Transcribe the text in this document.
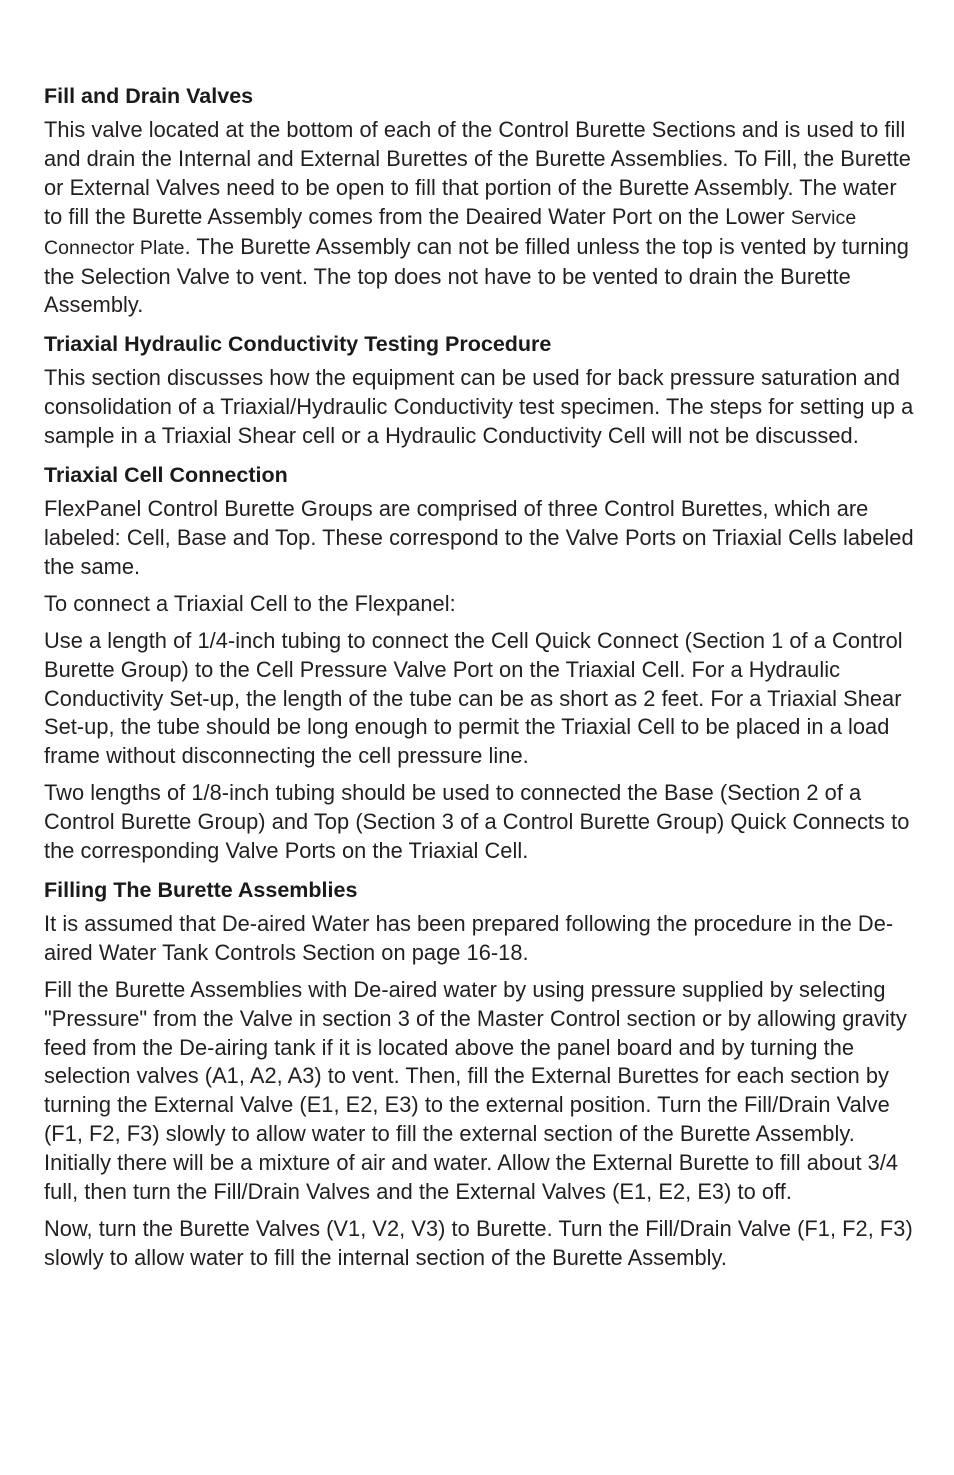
Fill and Drain Valves

This valve located at the bottom of each of the Control Burette Sections and is used to fill and drain the Internal and External Burettes of the Burette Assemblies. To Fill, the Burette or External Valves need to be open to fill that portion of the Burette Assembly. The water to fill the Burette Assembly comes from the Deaired Water Port on the Lower Service Connector Plate. The Burette Assembly can not be filled unless the top is vented by turning the Selection Valve to vent. The top does not have to be vented to drain the Burette Assembly.

Triaxial Hydraulic Conductivity Testing Procedure

This section discusses how the equipment can be used for back pressure saturation and consolidation of a Triaxial/Hydraulic Conductivity test specimen. The steps for setting up a sample in a Triaxial Shear cell or a Hydraulic Conductivity Cell will not be discussed.

Triaxial Cell Connection

FlexPanel Control Burette Groups are comprised of three Control Burettes, which are labeled: Cell, Base and Top. These correspond to the Valve Ports on Triaxial Cells labeled the same.

To connect a Triaxial Cell to the Flexpanel:

Use a length of 1/4-inch tubing to connect the Cell Quick Connect (Section 1 of a Control Burette Group) to the Cell Pressure Valve Port on the Triaxial Cell. For a Hydraulic Conductivity Set-up, the length of the tube can be as short as 2 feet. For a Triaxial Shear Set-up, the tube should be long enough to permit the Triaxial Cell to be placed in a load frame without disconnecting the cell pressure line.

Two lengths of 1/8-inch tubing should be used to connected the Base (Section 2 of a Control Burette Group) and Top (Section 3 of a Control Burette Group) Quick Connects to the corresponding Valve Ports on the Triaxial Cell.

Filling The Burette Assemblies

It is assumed that De-aired Water has been prepared following the procedure in the De-aired Water Tank Controls Section on page 16-18.

Fill the Burette Assemblies with De-aired water by using pressure supplied by selecting "Pressure" from the Valve in section 3 of the Master Control section or by allowing gravity feed from the De-airing tank if it is located above the panel board and by turning the selection valves (A1, A2, A3) to vent. Then, fill the External Burettes for each section by turning the External Valve (E1, E2, E3) to the external position. Turn the Fill/Drain Valve (F1, F2, F3) slowly to allow water to fill the external section of the Burette Assembly. Initially there will be a mixture of air and water. Allow the External Burette to fill about 3/4 full, then turn the Fill/Drain Valves and the External Valves (E1, E2, E3) to off.

Now, turn the Burette Valves (V1, V2, V3) to Burette. Turn the Fill/Drain Valve (F1, F2, F3) slowly to allow water to fill the internal section of the Burette Assembly.
